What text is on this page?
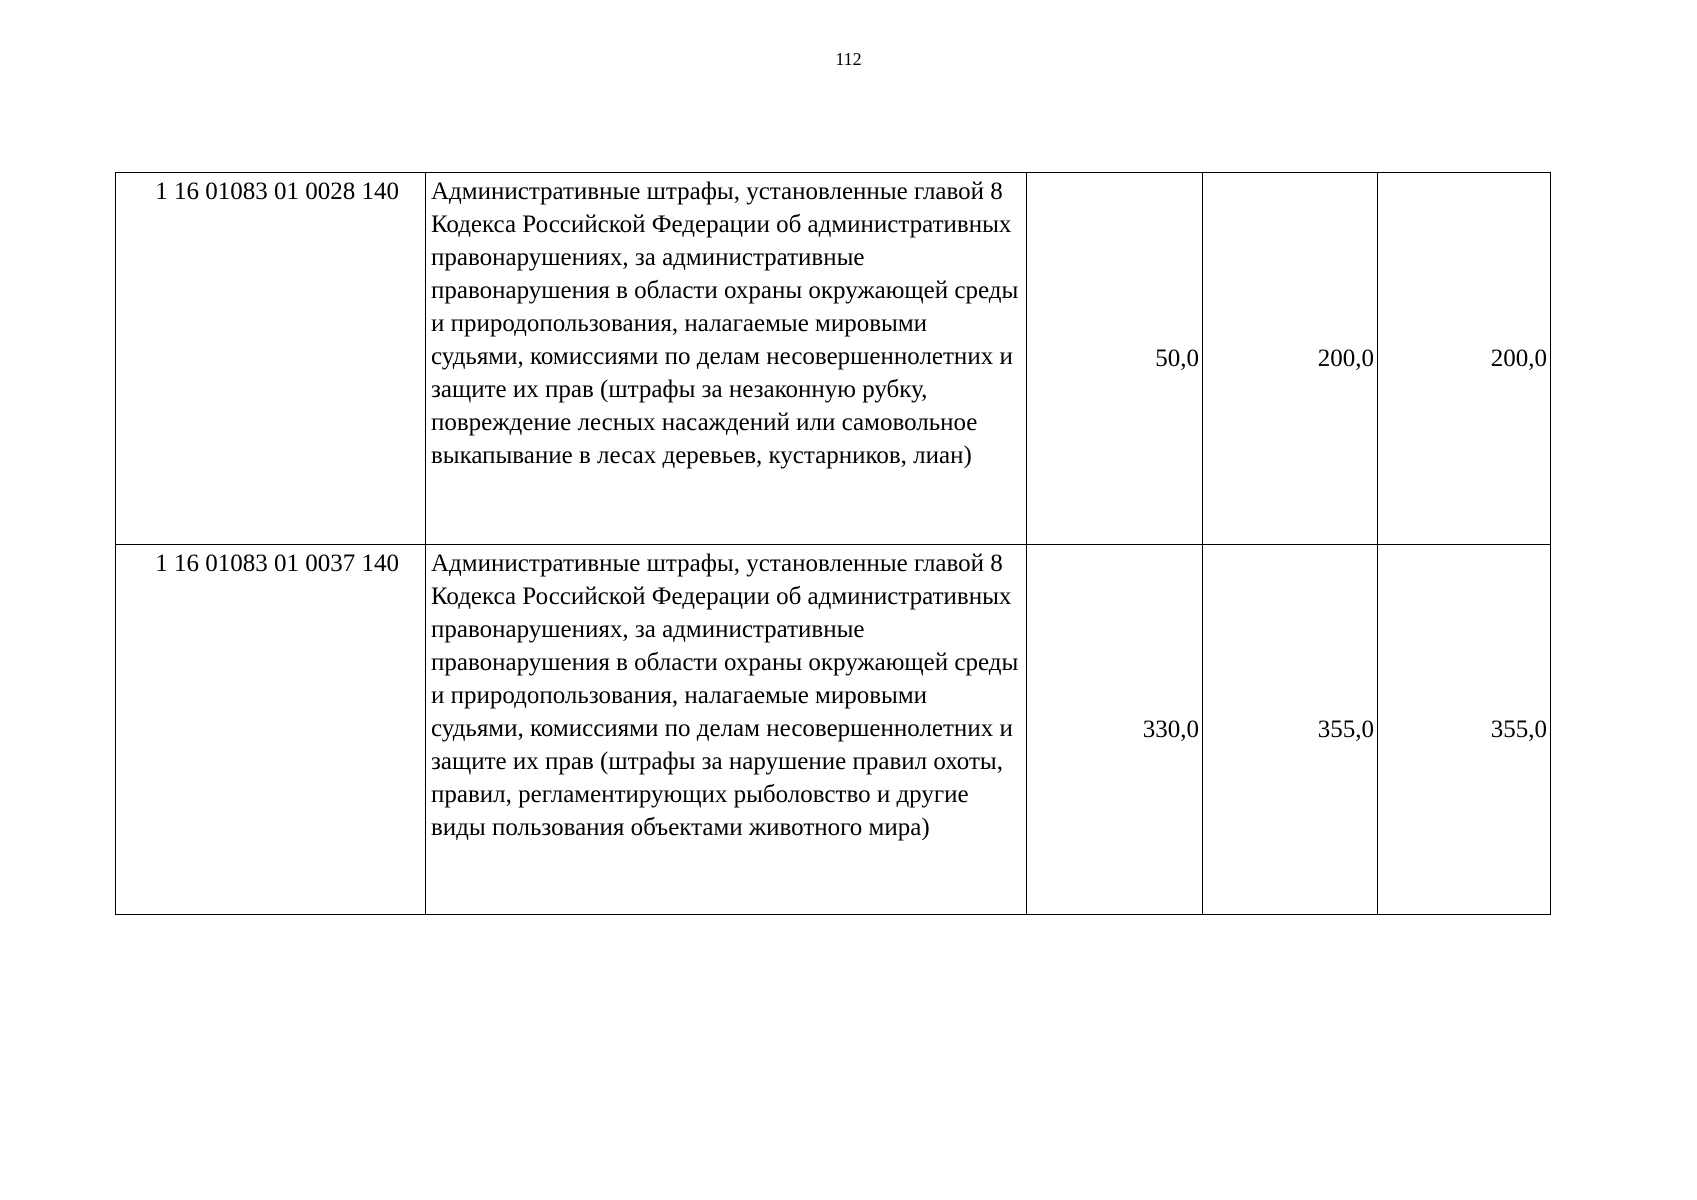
112
1 16 01083 01 0028 140	Административные штрафы, установленные главой 8 Кодекса Российской Федерации об административных правонарушениях, за административные правонарушения в области охраны окружающей среды и природопользования, налагаемые мировыми судьями, комиссиями по делам несовершеннолетних и защите их прав (штрафы за незаконную рубку, повреждение лесных насаждений или самовольное выкапывание в лесах деревьев, кустарников, лиан)	50,0	200,0	200,0
1 16 01083 01 0037 140	Административные штрафы, установленные главой 8 Кодекса Российской Федерации об административных правонарушениях, за административные правонарушения в области охраны окружающей среды и природопользования, налагаемые мировыми судьями, комиссиями по делам несовершеннолетних и защите их прав (штрафы за нарушение правил охоты, правил, регламентирующих рыболовство и другие виды пользования объектами животного мира)	330,0	355,0	355,0
